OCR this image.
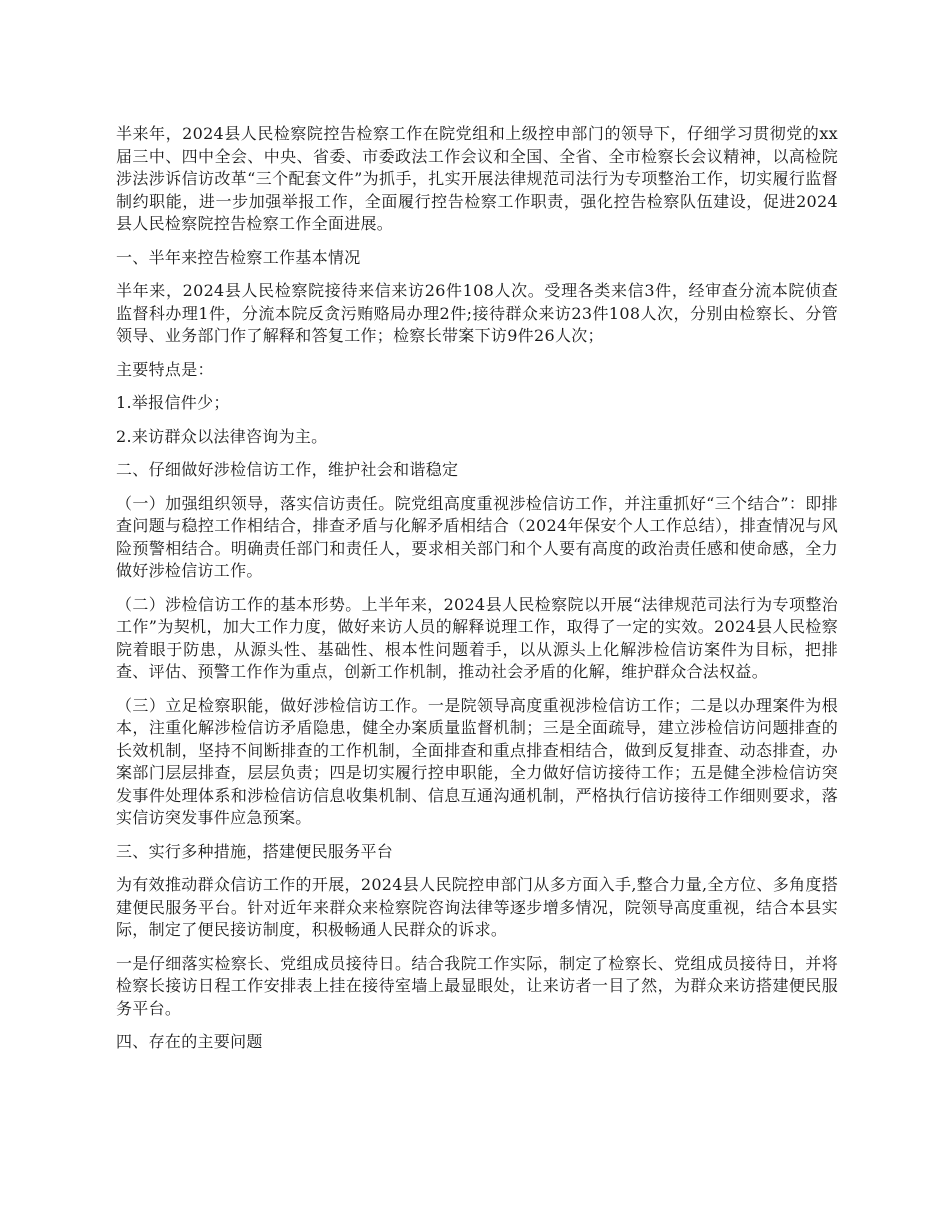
半来年，2024县人民检察院控告检察工作在院党组和上级控申部门的领导下，仔细学习贯彻党的xx届三中、四中全会、中央、省委、市委政法工作会议和全国、全省、全市检察长会议精神，以高检院涉法涉诉信访改革“三个配套文件”为抓手，扎实开展法律规范司法行为专项整治工作，切实履行监督制约职能，进一步加强举报工作，全面履行控告检察工作职责，强化控告检察队伍建设，促进2024县人民检察院控告检察工作全面进展。

一、半年来控告检察工作基本情况

半年来，2024县人民检察院接待来信来访26件108人次。受理各类来信3件，经审查分流本院侦查监督科办理1件，分流本院反贪污贿赂局办理2件;接待群众来访23件108人次，分别由检察长、分管领导、业务部门作了解释和答复工作；检察长带案下访9件26人次；

主要特点是：

1.举报信件少；

2.来访群众以法律咨询为主。

二、仔细做好涉检信访工作，维护社会和谐稳定

（一）加强组织领导，落实信访责任。院党组高度重视涉检信访工作，并注重抓好“三个结合”：即排查问题与稳控工作相结合，排查矛盾与化解矛盾相结合（2024年保安个人工作总结），排查情况与风险预警相结合。明确责任部门和责任人，要求相关部门和个人要有高度的政治责任感和使命感，全力做好涉检信访工作。

（二）涉检信访工作的基本形势。上半年来，2024县人民检察院以开展“法律规范司法行为专项整治工作”为契机，加大工作力度，做好来访人员的解释说理工作，取得了一定的实效。2024县人民检察院着眼于防患，从源头性、基础性、根本性问题着手，以从源头上化解涉检信访案件为目标，把排查、评估、预警工作作为重点，创新工作机制，推动社会矛盾的化解，维护群众合法权益。

（三）立足检察职能，做好涉检信访工作。一是院领导高度重视涉检信访工作；二是以办理案件为根本，注重化解涉检信访矛盾隐患，健全办案质量监督机制；三是全面疏导，建立涉检信访问题排查的长效机制，坚持不间断排查的工作机制，全面排查和重点排查相结合，做到反复排查、动态排查，办案部门层层排查，层层负责；四是切实履行控申职能，全力做好信访接待工作；五是健全涉检信访突发事件处理体系和涉检信访信息收集机制、信息互通沟通机制，严格执行信访接待工作细则要求，落实信访突发事件应急预案。

三、实行多种措施，搭建便民服务平台

为有效推动群众信访工作的开展，2024县人民院控申部门从多方面入手,整合力量,全方位、多角度搭建便民服务平台。针对近年来群众来检察院咨询法律等逐步增多情况，院领导高度重视，结合本县实际，制定了便民接访制度，积极畅通人民群众的诉求。

一是仔细落实检察长、党组成员接待日。结合我院工作实际，制定了检察长、党组成员接待日，并将检察长接访日程工作安排表上挂在接待室墙上最显眼处，让来访者一目了然，为群众来访搭建便民服务平台。

四、存在的主要问题
